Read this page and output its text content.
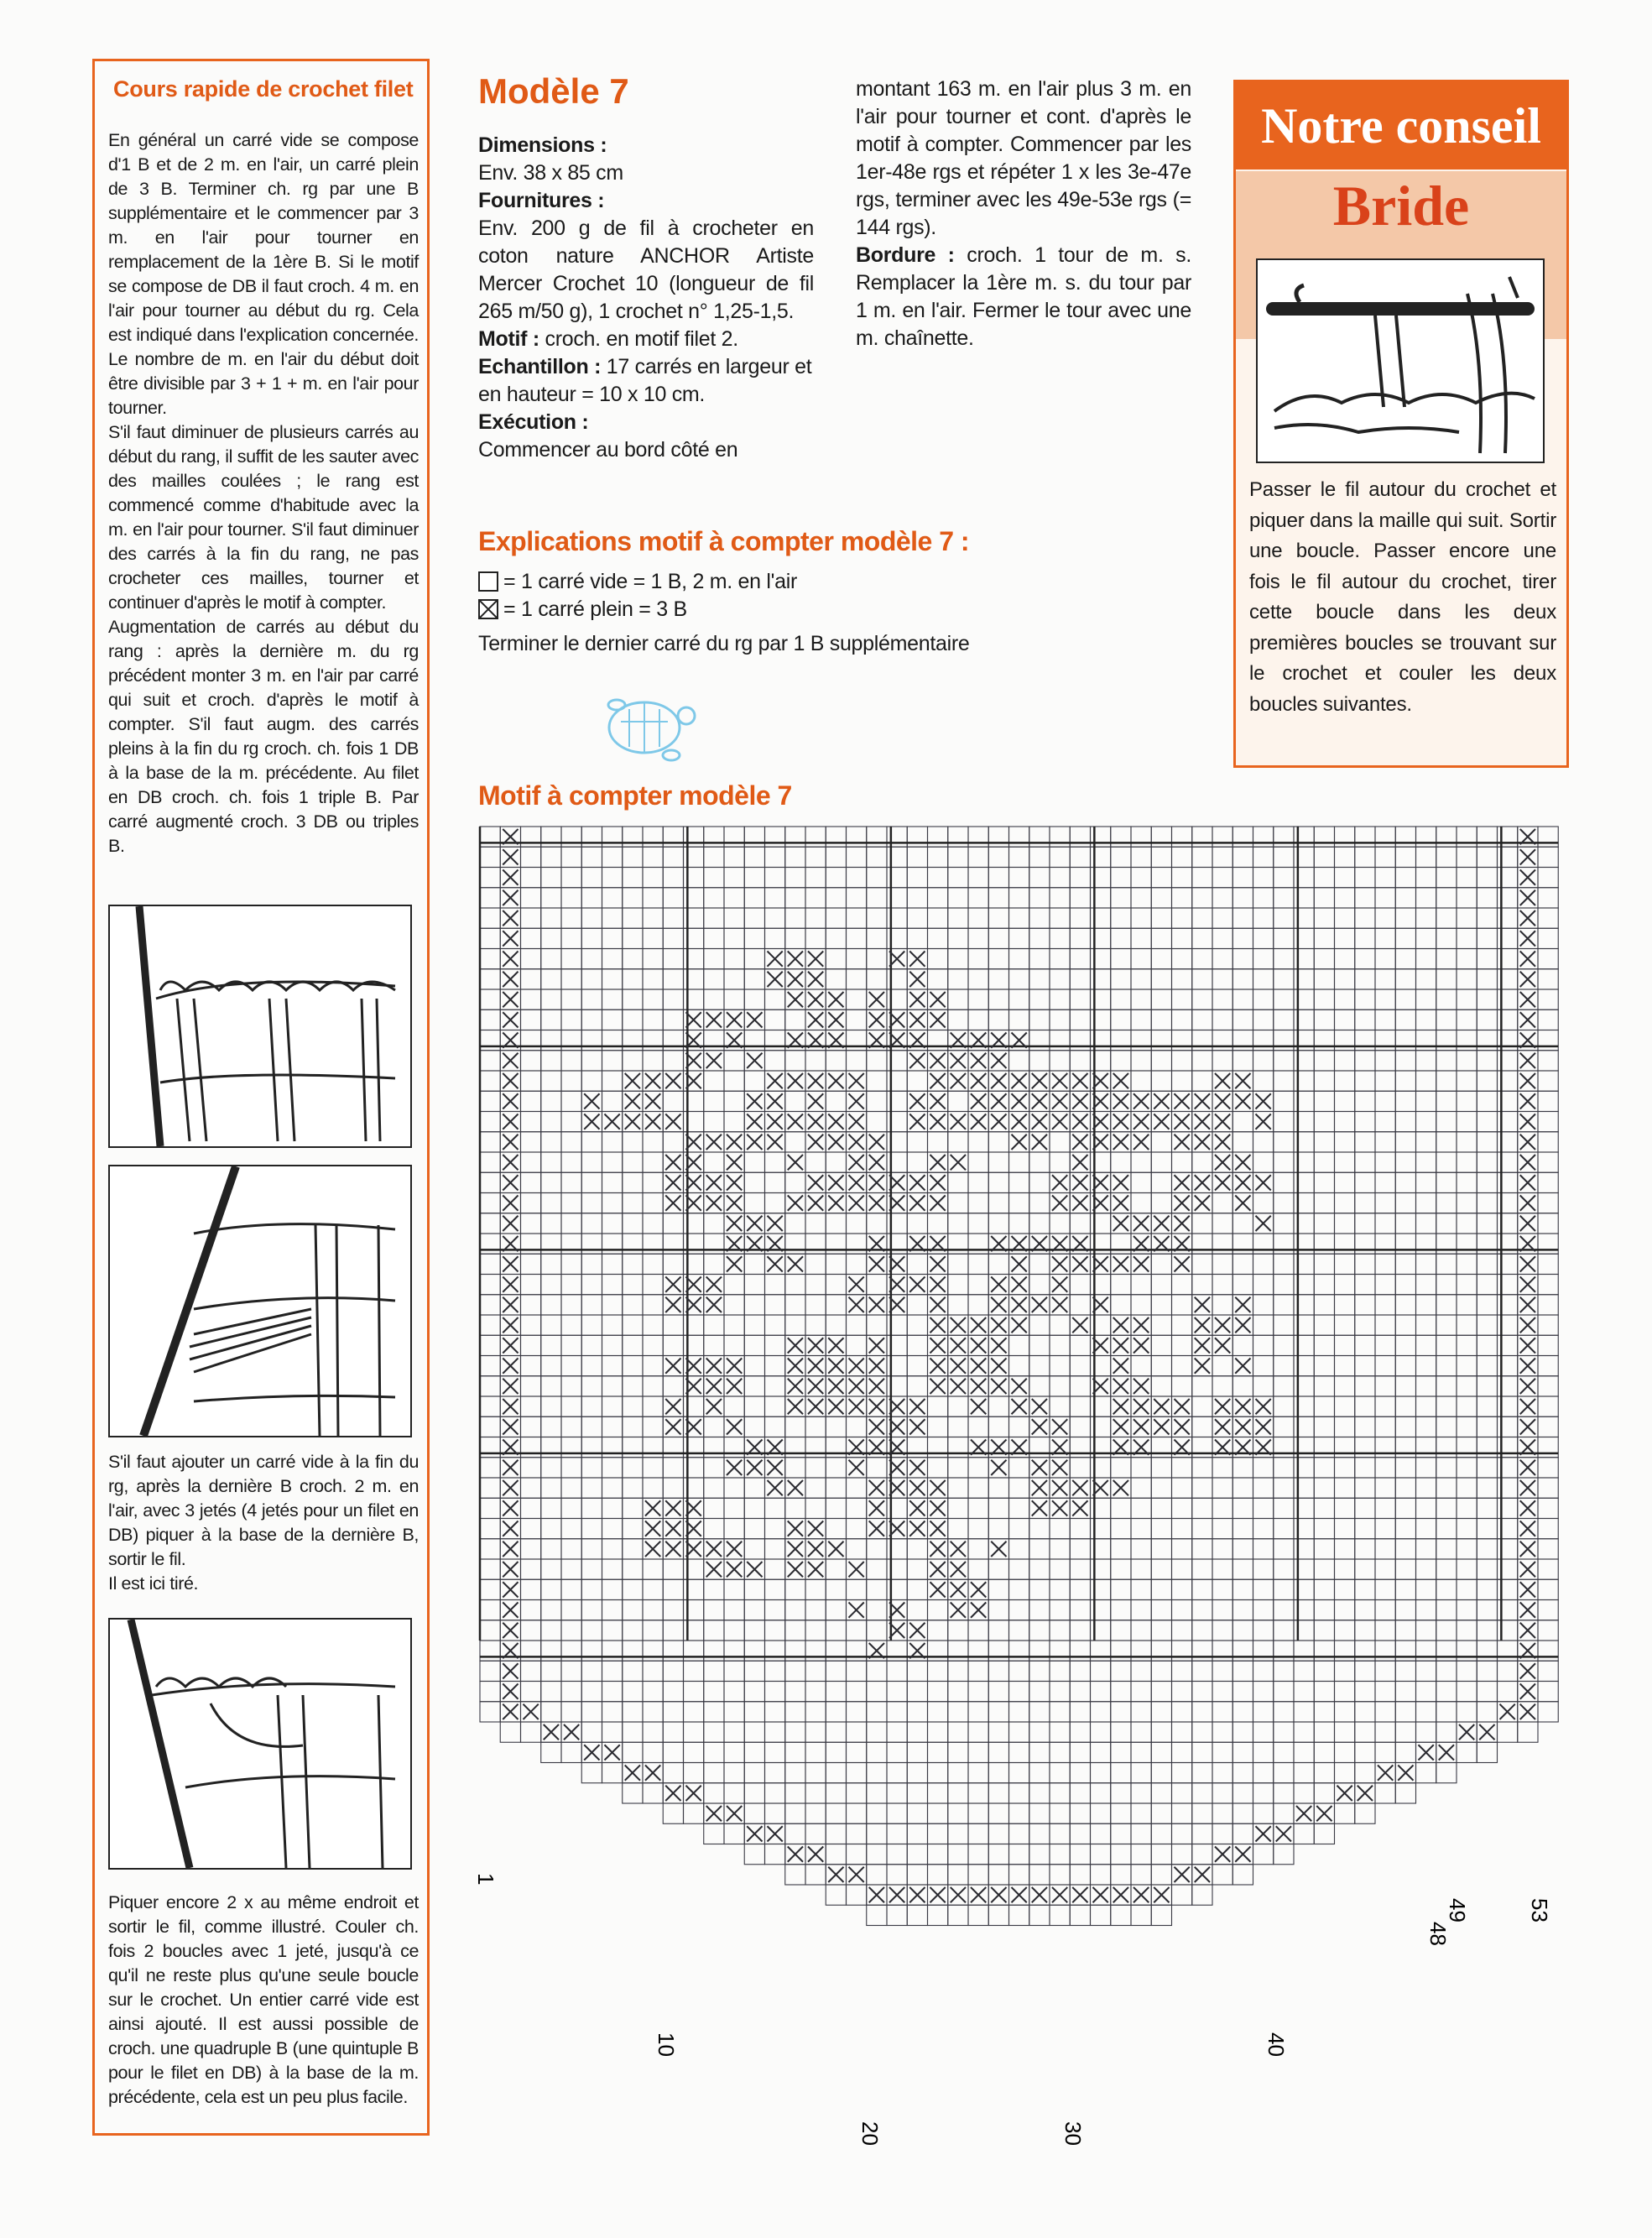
Cours rapide de crochet filet

En général un carré vide se compose d'1 B et de 2 m. en l'air, un carré plein de 3 B. Terminer ch. rg par une B supplémentaire et le commencer par 3 m. en l'air pour tourner en remplacement de la 1ère B. Si le motif se compose de DB il faut croch. 4 m. en l'air pour tourner au début du rg. Cela est indiqué dans l'explication concernée. Le nombre de m. en l'air du début doit être divisible par 3 + 1 + m. en l'air pour tourner.

S'il faut diminuer de plusieurs carrés au début du rang, il suffit de les sauter avec des mailles coulées ; le rang est commencé comme d'habitude avec la m. en l'air pour tourner. S'il faut diminuer des carrés à la fin du rang, ne pas crocheter ces mailles, tourner et continuer d'après le motif à compter.

Augmentation de carrés au début du rang : après la dernière m. du rg précédent monter 3 m. en l'air par carré qui suit et croch. d'après le motif à compter. S'il faut augm. des carrés pleins à la fin du rg croch. ch. fois 1 DB à la base de la m. précédente. Au filet en DB croch. ch. fois 1 triple B. Par carré augmenté croch. 3 DB ou triples B.

S'il faut ajouter un carré vide à la fin du rg, après la dernière B croch. 2 m. en l'air, avec 3 jetés (4 jetés pour un filet en DB) piquer à la base de la dernière B, sortir le fil.

Il est ici tiré.

Piquer encore 2 x au même endroit et sortir le fil, comme illustré. Couler ch. fois 2 boucles avec 1 jeté, jusqu'à ce qu'il ne reste plus qu'une seule boucle sur le crochet. Un entier carré vide est ainsi ajouté. Il est aussi possible de croch. une quadruple B (une quintuple B pour le filet en DB) à la base de la m. précédente, cela est un peu plus facile.

Modèle 7

Dimensions :

Env. 38 x 85 cm

Fournitures :

Env. 200 g de fil à crocheter en coton nature ANCHOR Artiste Mercer Crochet 10 (longueur de fil 265 m/50 g), 1 crochet n° 1,25-1,5.

Motif : croch. en motif filet 2.

Echantillon : 17 carrés en largeur et en hauteur = 10 x 10 cm.

Exécution :

Commencer au bord côté en

montant 163 m. en l'air plus 3 m. en l'air pour tourner et cont. d'après le motif à compter. Commencer par les 1er-48e rgs et répéter 1 x les 3e-47e rgs, terminer avec les 49e-53e rgs (= 144 rgs).

Bordure : croch. 1 tour de m. s. Remplacer la 1ère m. s. du tour par 1 m. en l'air. Fermer le tour avec une m. chaînette.

Explications motif à compter modèle 7 :

= 1 carré vide = 1 B, 2 m. en l'air

= 1 carré plein = 3 B

Terminer le dernier carré du rg par 1 B supplémentaire

Notre conseil
Bride
Passer le fil autour du crochet et piquer dans la maille qui suit. Sortir une boucle. Passer encore une fois le fil autour du crochet, tirer cette boucle dans les deux premières boucles se trouvant sur le crochet et couler les deux boucles suivantes.
Motif à compter modèle 7
1
10
20	30
40
48
49	53
